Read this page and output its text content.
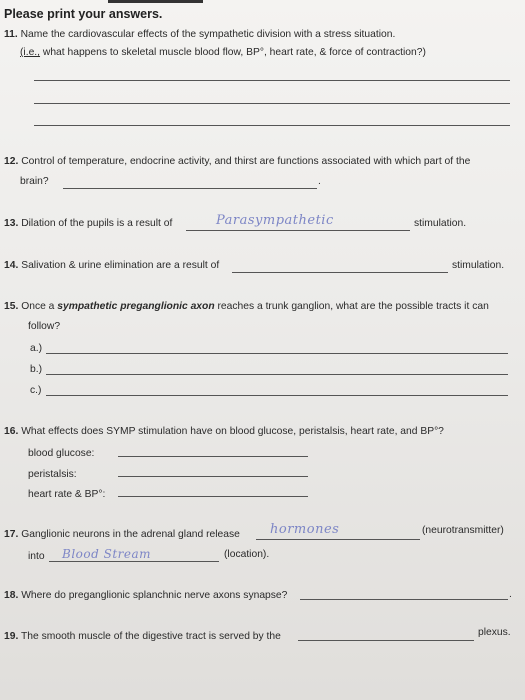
Please print your answers.
11. Name the cardiovascular effects of the sympathetic division with a stress situation.
(i.e., what happens to skeletal muscle blood flow, BP°, heart rate, & force of contraction?)
12. Control of temperature, endocrine activity, and thirst are functions associated with which part of the
brain?	.
13. Dilation of the pupils is a result of	Parasympathetic	stimulation.
14. Salivation & urine elimination are a result of	stimulation.
15. Once a sympathetic preganglionic axon reaches a trunk ganglion, what are the possible tracts it can
follow?
a.)
b.)
c.)
16. What effects does SYMP stimulation have on blood glucose, peristalsis, heart rate, and BP°?
blood glucose:
peristalsis:
heart rate & BP°:
17. Ganglionic neurons in the adrenal gland release hormones	(neurotransmitter)
into Blood Stream	(location).
18. Where do preganglionic splanchnic nerve axons synapse?	.
19. The smooth muscle of the digestive tract is served by the	plexus.
